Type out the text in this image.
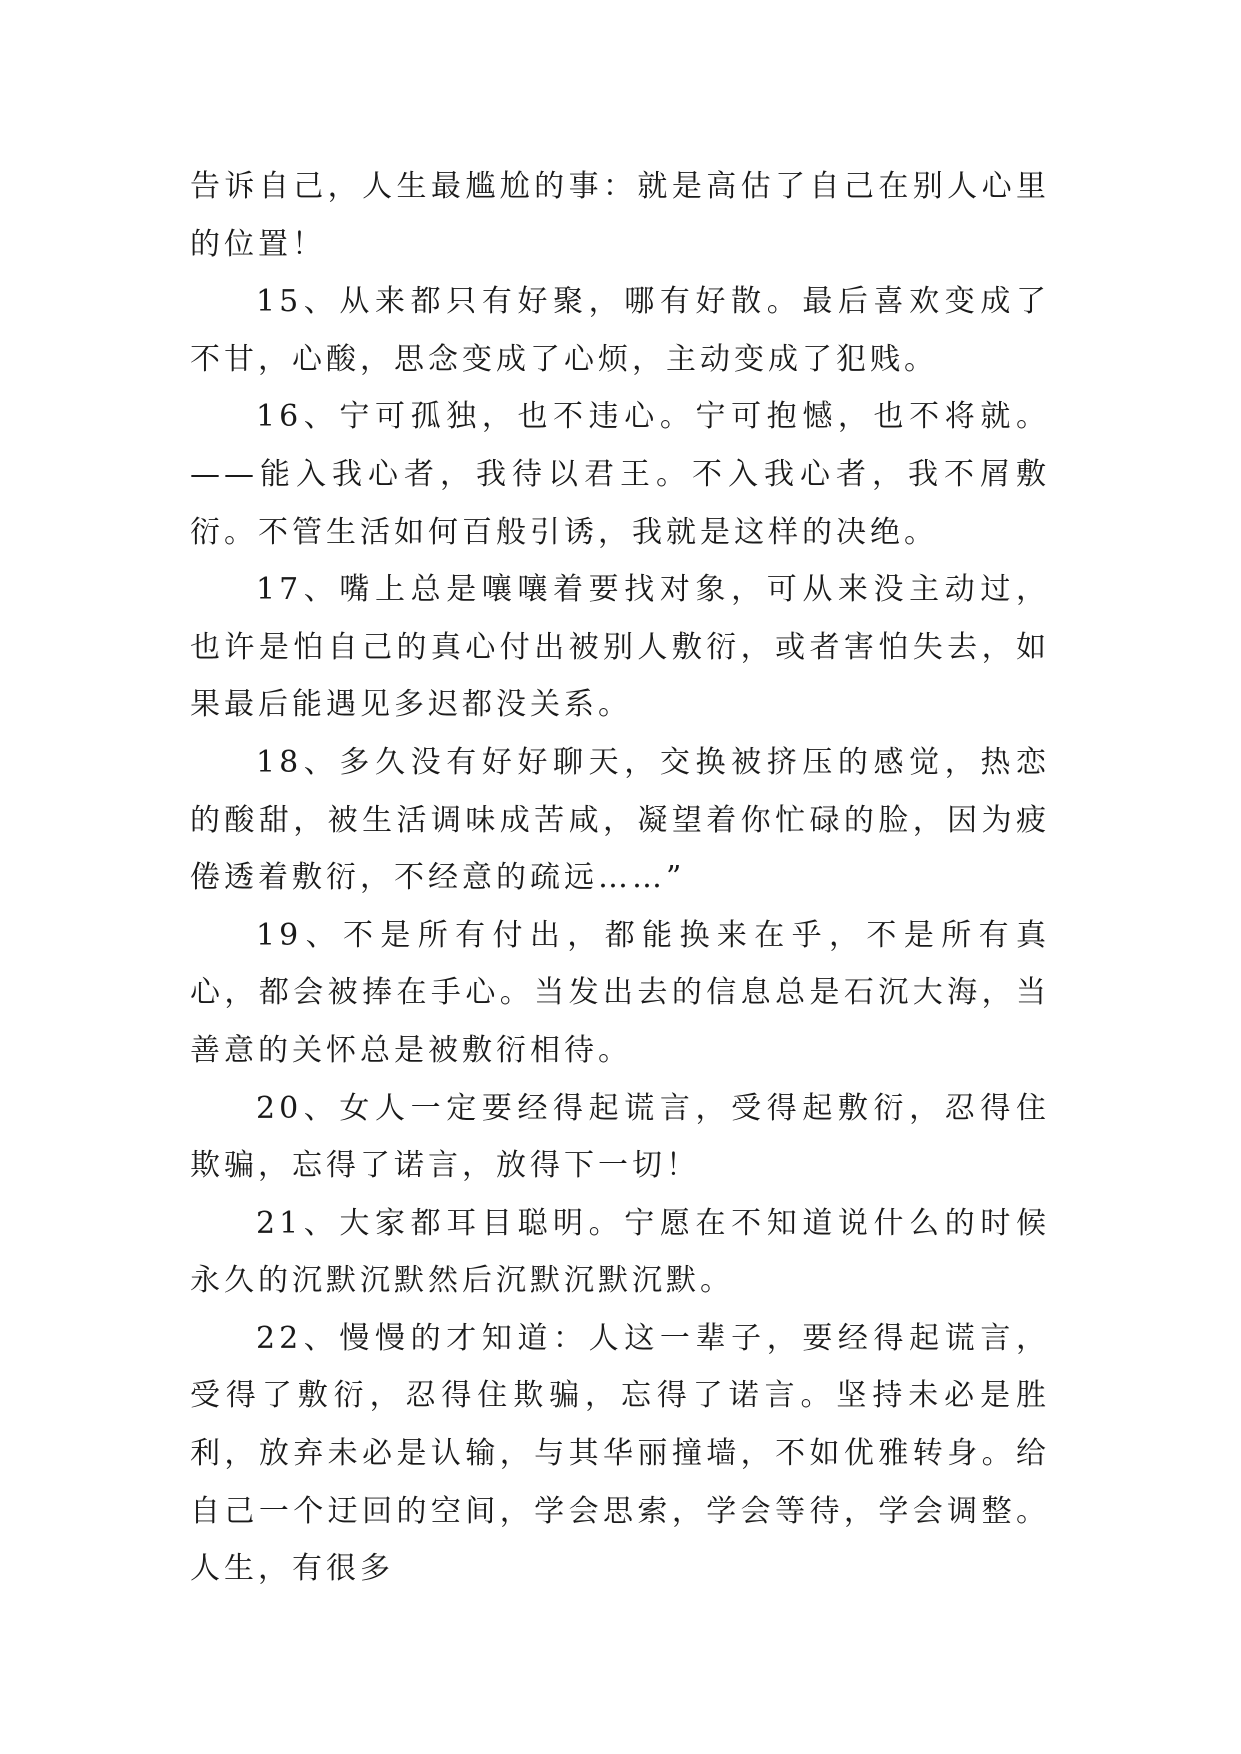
告诉自己，人生最尴尬的事：就是高估了自己在别人心里的位置！

15、从来都只有好聚，哪有好散。最后喜欢变成了不甘，心酸，思念变成了心烦，主动变成了犯贱。

16、宁可孤独，也不违心。宁可抱憾，也不将就。——能入我心者，我待以君王。不入我心者，我不屑敷衍。不管生活如何百般引诱，我就是这样的决绝。

17、嘴上总是嚷嚷着要找对象，可从来没主动过，也许是怕自己的真心付出被别人敷衍，或者害怕失去，如果最后能遇见多迟都没关系。

18、多久没有好好聊天，交换被挤压的感觉，热恋的酸甜，被生活调味成苦咸，凝望着你忙碌的脸，因为疲倦透着敷衍，不经意的疏远……”

19、不是所有付出，都能换来在乎，不是所有真心，都会被捧在手心。当发出去的信息总是石沉大海，当善意的关怀总是被敷衍相待。

20、女人一定要经得起谎言，受得起敷衍，忍得住欺骗，忘得了诺言，放得下一切！

21、大家都耳目聪明。宁愿在不知道说什么的时候永久的沉默沉默然后沉默沉默沉默。

22、慢慢的才知道：人这一辈子，要经得起谎言，受得了敷衍，忍得住欺骗，忘得了诺言。坚持未必是胜利，放弃未必是认输，与其华丽撞墙，不如优雅转身。给自己一个迂回的空间，学会思索，学会等待，学会调整。人生，有很多
